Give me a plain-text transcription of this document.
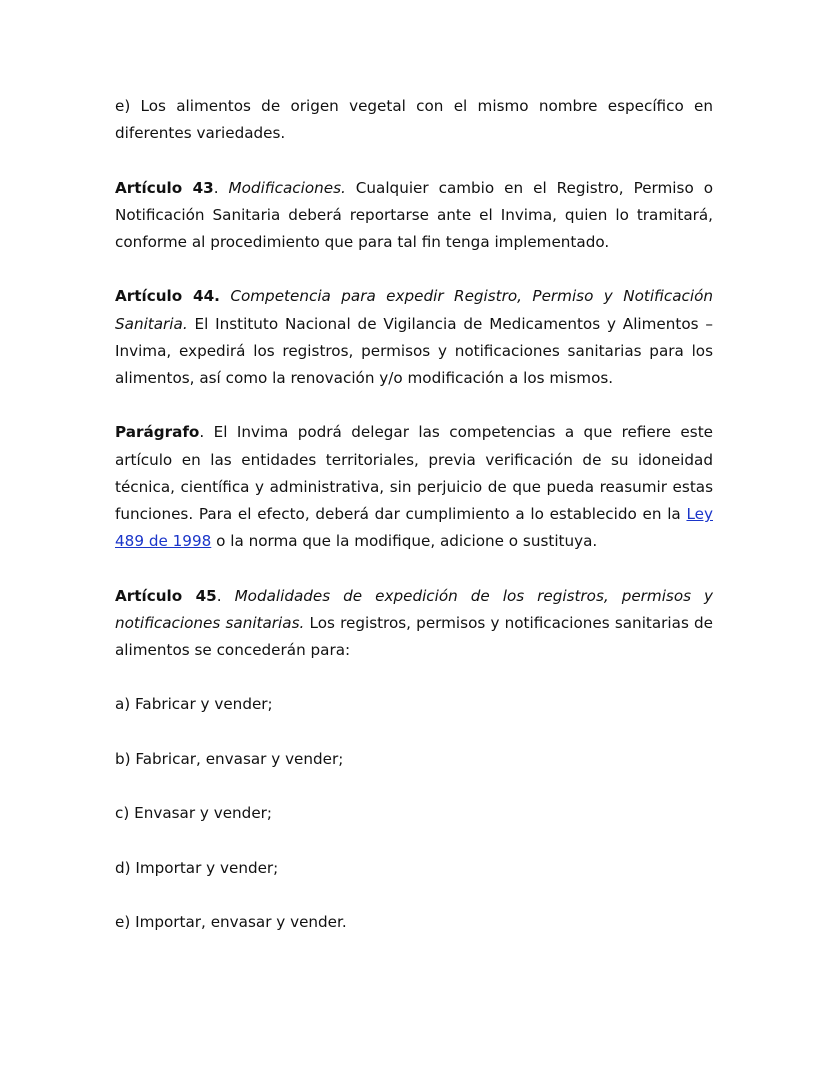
e) Los alimentos de origen vegetal con el mismo nombre específico en diferentes variedades.

Artículo 43. Modificaciones. Cualquier cambio en el Registro, Permiso o Notificación Sanitaria deberá reportarse ante el Invima, quien lo tramitará, conforme al procedimiento que para tal fin tenga implementado.

Artículo 44. Competencia para expedir Registro, Permiso y Notificación Sanitaria. El Instituto Nacional de Vigilancia de Medicamentos y Alimentos – Invima, expedirá los registros, permisos y notificaciones sanitarias para los alimentos, así como la renovación y/o modificación a los mismos.

Parágrafo. El Invima podrá delegar las competencias a que refiere este artículo en las entidades territoriales, previa verificación de su idoneidad técnica, científica y administrativa, sin perjuicio de que pueda reasumir estas funciones. Para el efecto, deberá dar cumplimiento a lo establecido en la Ley 489 de 1998 o la norma que la modifique, adicione o sustituya.

Artículo 45. Modalidades de expedición de los registros, permisos y notificaciones sanitarias. Los registros, permisos y notificaciones sanitarias de alimentos se concederán para:

a) Fabricar y vender;

b) Fabricar, envasar y vender;

c) Envasar y vender;

d) Importar y vender;

e) Importar, envasar y vender.
